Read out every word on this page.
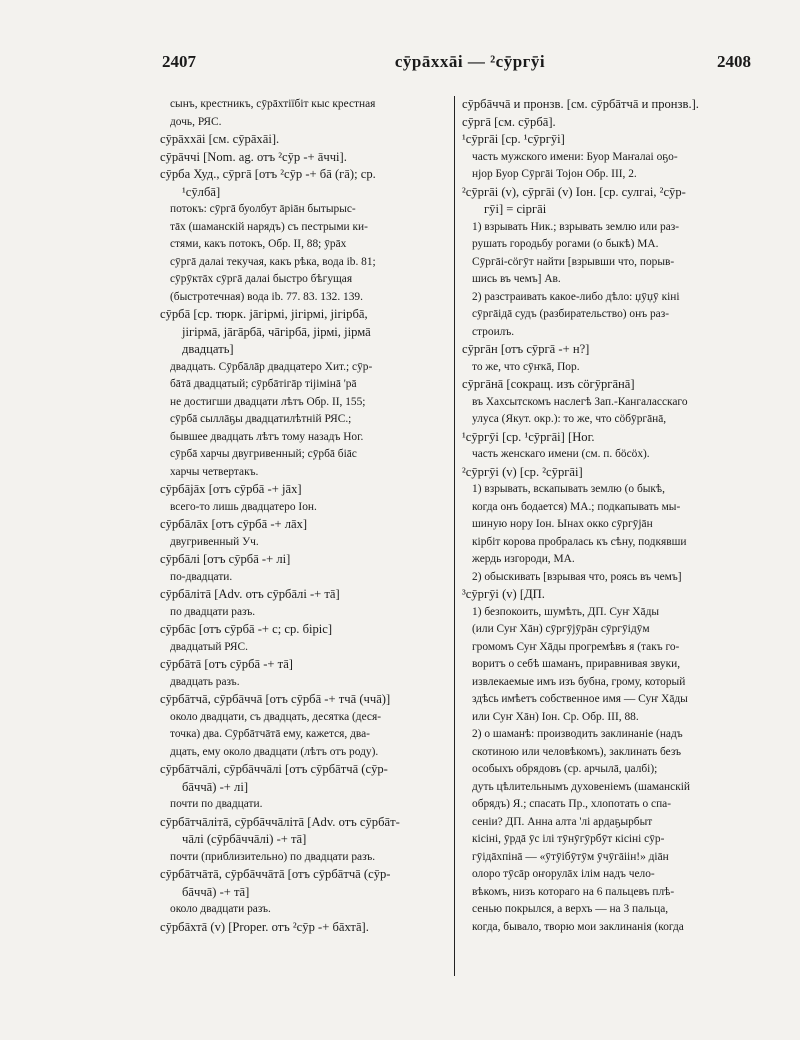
2407	сӯрāххāi — ²сӯргӯi	2408
сынъ, крестникъ, сӯрāхтіїбіт кыс крестная
дочь, РЯС.
сӯрāххāi [см. сӯрāхāi].
сӯрāччі [Nom. ag. отъ ²сӯр -+ āччі].
сӯрба Худ., сӯргā [отъ ²сӯр -+ бā (гā); ср.
¹сӯлбā]
потокъ: сӯргā буолбут āрiāн бытырыс-
тāх (шаманскiй нарядъ) съ пестрыми ки-
стями, какъ потокъ, Обр. II, 88; ӯрāх
сӯргā далаi текучая, какъ рѣка, вода ib. 81;
сӯрӯктāх сӯргā далаi быстро бѣгущая
(быстротечная) вода ib. 77. 83. 132. 139.
сӯрбā [ср. тюрк. jāгiрмi, jiгiрмi, jiгiрбā,
jiгiрмā, jāгāрбā, чāгiрбā, jiрмi, jiрмā
двадцать]
двадцать. Сӯрбāлāр двадцатеро Хит.; сӯр-
бāтā двадцатый; сӯрбāтiгāр тiјiмiнā 'рā
не достигши двадцати лѣтъ Обр. II, 155;
сӯрбā сыллāҕы двадцатилѣтнiй РЯС.;
бывшее двадцать лѣтъ тому назадъ Ног.
сӯрбā харчы двугривенный; сӯрбā бiāс
харчы четвертакъ.
сӯрбājāх [отъ сӯрбā -+ jāх]
всего-то лишь двадцатеро Iон.
сӯрбāлāх [отъ сӯрбā -+ лāх]
двугривенный Уч.
сӯрбāлi [отъ сӯрбā -+ лi]
по-двадцати.
сӯрбāлiтā [Adv. отъ сӯрбāлi -+ тā]
по двадцати разъ.
сӯрбāс [отъ сӯрбā -+ с; ср. бiрiс]
двадцатый РЯС.
сӯрбāтā [отъ сӯрбā -+ тā]
двадцать разъ.
сӯрбāтчā, сӯрбāччā [отъ сӯрбā -+ тчā (ччā)]
около двадцати, съ двадцать, десятка (деся-
точка) два. Сӯрбāтчāтā ему, кажется, два-
дцать, ему около двадцати (лѣтъ отъ роду).
сӯрбāтчāлi, сӯрбāччāлi [отъ сӯрбāтчā (сӯр-
бāччā) -+ лi]
почти по двадцати.
сӯрбāтчāлiтā, сӯрбāччāлiтā [Adv. отъ сӯрбāт-
чāлi (сӯрбāччāлi) -+ тā]
почти (приблизительно) по двадцати разъ.
сӯрбāтчāтā, сӯрбāччāтā [отъ сӯрбāтчā (сӯр-
бāччā) -+ тā]
около двадцати разъ.
сӯрбāхтā (v) [Proper. отъ ²сӯр -+ бāхтā].
сӯрбāччā и пронзв. [см. сӯрбāтчā и пронзв.].
сӯргā [см. сӯрбā].
¹сӯргāi [ср. ¹сӯргӯi]
часть мужского имени: Буор Маҥалаi оҕо-
нјор Буор Сӯргāi Тојон Обр. III, 2.
²сӯргāi (v), сӯргāi (v) Iон. [ср. сулгаi, ²сӯр-
гӯi] = сiргāi
1) взрывать Ник.; взрывать землю или раз-
рушать городьбу рогами (о быкѣ) МА.
Сӯргāi-сӧгӯт найти [взрывши что, порыв-
шись въ чемъ] Ав.
2) разстраивать какое-либо дѣло: џӯџӯ кiнi
сӯргāiдā судъ (разбирательство) онъ раз-
строилъ.
сӯргāн [отъ сӯргā -+ н?]
то же, что сӯҥкā, Пор.
сӯргāнā [сокращ. изъ сӧгӯргāнā]
въ Хахсытскомъ наслегѣ Зап.-Кангаласскаго
улуса (Якут. окр.): то же, что сӧбӯргāнā,
¹сӯргӯi [ср. ¹сӯргāi] [Ног.
часть женскаго имени (см. п. бӧсӧх).
²сӯргӯi (v) [ср. ²сӯргāi]
1) взрывать, вскапывать землю (о быкѣ,
когда онъ бодается) МА.; подкапывать мы-
шиную нору Iон. Ынах окко сӯргӯjāн
кiрбiт корова пробралась къ сѣну, подкявши
жердь изгороди, МА.
2) обыскивать [взрывая что, роясь въ чемъ]
³сӯргӯi (v) [ДП.
1) безпокоить, шумѣть, ДП. Суҥ Хāды
(или Суҥ Хāн) сӯргӯјӯрāн сӯргӯiдӯм
громомъ Суҥ Хāды прогремѣвъ я (такъ го-
воритъ о себѣ шаманъ, приравнивая звуки,
извлекаемые имъ изъ бубна, грому, который
здѣсь имѣетъ собственное имя — Суҥ Хāды
или Суҥ Хāн) Iон. Ср. Обр. III, 88.
2) о шаманѣ: производить заклинанiе (надъ
скотиною или человѣкомъ), заклинать безъ
особыхъ обрядовъ (ср. арчылā, џалбi);
дуть цѣлительнымъ духовенiемъ (шаманскiй
обрядъ) Я.; спасать Пр., хлопотать о спа-
сенiи? ДП. Анна алта 'лi ардаҕырбыт
кiсiнi, ӯрдā ӯс iлi тӯнӯгӯрбӯт кiсiнi сӯр-
гӯiдāхпiнā — «ӯтӯiбӯтӯм ӯчӯгāiiн!» дiāн
олоро тӯсāр оҥорулāх iлiм надъ чело-
вѣкомъ, низъ котораго на 6 пальцевъ плѣ-
сенью покрылся, а верхъ — на 3 пальца,
когда, бывало, творю мои заклинанiя (когда
